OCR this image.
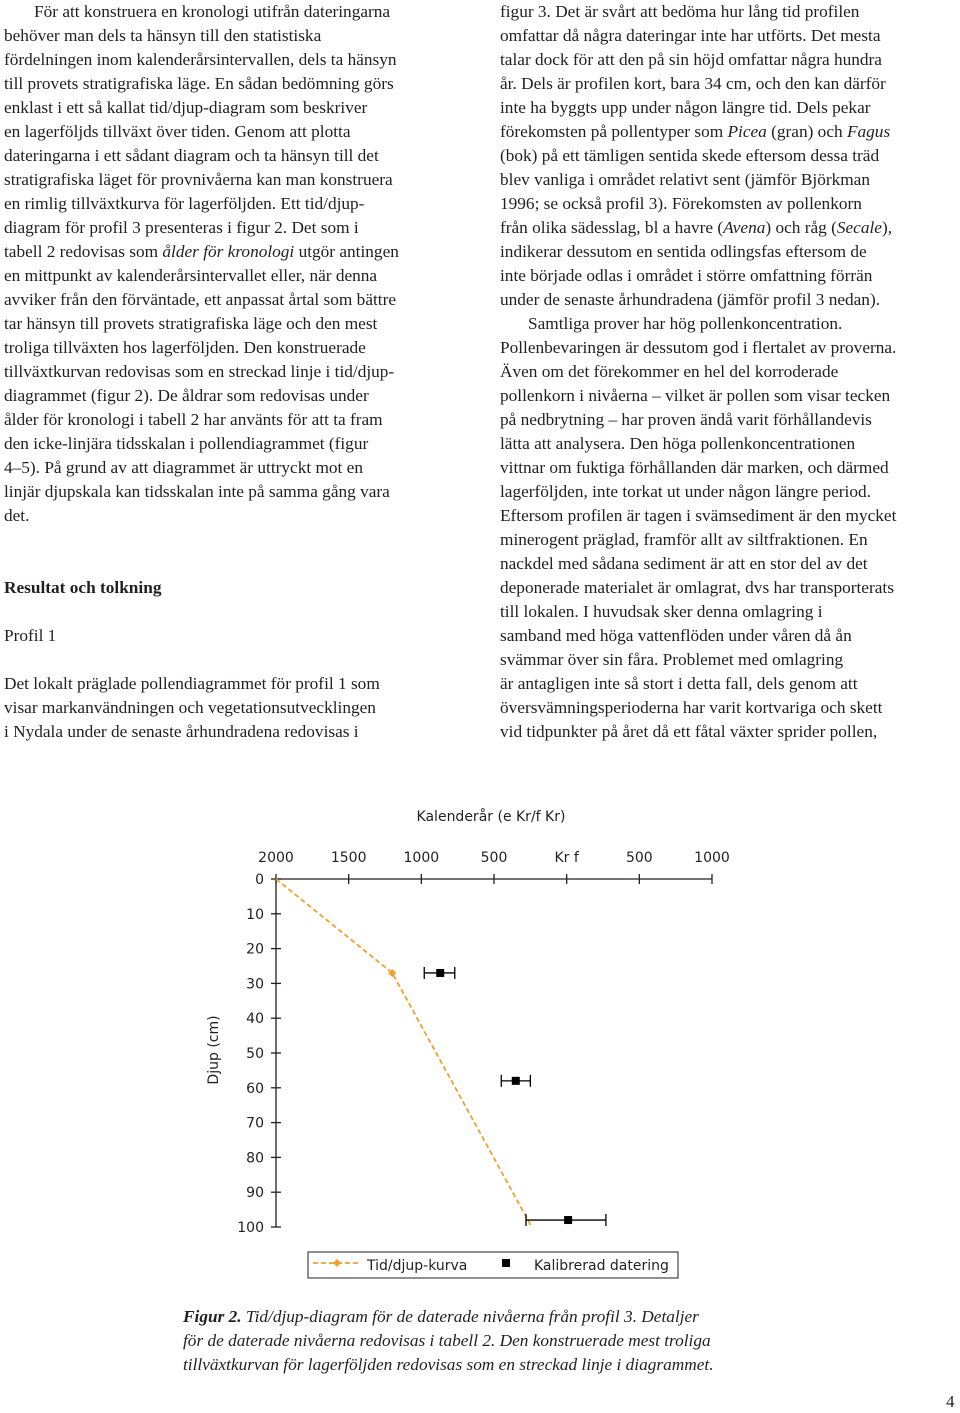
För att konstruera en kronologi utifrån dateringarna

behöver man dels ta hänsyn till den statistiska

fördelningen inom kalenderårsintervallen, dels ta hänsyn

till provets stratigrafiska läge. En sådan bedömning görs

enklast i ett så kallat tid/djup-diagram som beskriver

en lagerföljds tillväxt över tiden. Genom att plotta

dateringarna i ett sådant diagram och ta hänsyn till det

stratigrafiska läget för provnivåerna kan man konstruera

en rimlig tillväxtkurva för lagerföljden. Ett tid/djup-

diagram för profil 3 presenteras i figur 2. Det som i

tabell 2 redovisas som ålder för kronologi utgör antingen

en mittpunkt av kalenderårsintervallet eller, när denna

avviker från den förväntade, ett anpassat årtal som bättre

tar hänsyn till provets stratigrafiska läge och den mest

troliga tillväxten hos lagerföljden. Den konstruerade

tillväxtkurvan redovisas som en streckad linje i tid/djup-

diagrammet (figur 2). De åldrar som redovisas under

ålder för kronologi i tabell 2 har använts för att ta fram

den icke-linjära tidsskalan i pollendiagrammet (figur

4–5). På grund av att diagrammet är uttryckt mot en

linjär djupskala kan tidsskalan inte på samma gång vara

det.

Resultat och tolkning

Profil 1

Det lokalt präglade pollendiagrammet för profil 1 som

visar markanvändningen och vegetationsutvecklingen

i Nydala under de senaste århundradena redovisas i

figur 3. Det är svårt att bedöma hur lång tid profilen

omfattar då några dateringar inte har utförts. Det mesta

talar dock för att den på sin höjd omfattar några hundra

år. Dels är profilen kort, bara 34 cm, och den kan därför

inte ha byggts upp under någon längre tid. Dels pekar

förekomsten på pollentyper som Picea (gran) och Fagus

(bok) på ett tämligen sentida skede eftersom dessa träd

blev vanliga i området relativt sent (jämför Björkman

1996; se också profil 3). Förekomsten av pollenkorn

från olika sädesslag, bl a havre (Avena) och råg (Secale),

indikerar dessutom en sentida odlingsfas eftersom de

inte började odlas i området i större omfattning förrän

under de senaste århundradena (jämför profil 3 nedan).

Samtliga prover har hög pollenkoncentration.

Pollenbevaringen är dessutom god i flertalet av proverna.

Även om det förekommer en hel del korroderade

pollenkorn i nivåerna – vilket är pollen som visar tecken

på nedbrytning – har proven ändå varit förhållandevis

lätta att analysera. Den höga pollenkoncentrationen

vittnar om fuktiga förhållanden där marken, och därmed

lagerföljden, inte torkat ut under någon längre period.

Eftersom profilen är tagen i svämsediment är den mycket

minerogent präglad, framför allt av siltfraktionen. En

nackdel med sådana sediment är att en stor del av det

deponerade materialet är omlagrat, dvs har transporterats

till lokalen. I huvudsak sker denna omlagring i

samband med höga vattenflöden under våren då ån

svämmar över sin fåra. Problemet med omlagring

är antagligen inte så stort i detta fall, dels genom att

översvämningsperioderna har varit kortvariga och skett

vid tidpunkter på året då ett fåtal växter sprider pollen,

Kalenderår (e Kr/f Kr)
2000	1500	1000	500	Kr f	500	1000
0
10
20
30
40
50
60
70
80
90
100
Djup (cm)
Tid/djup-kurva	Kalibrerad datering
Figur 2. Tid/djup-diagram för de daterade nivåerna från profil 3. Detaljer
för de daterade nivåerna redovisas i tabell 2. Den konstruerade mest troliga
tillväxtkurvan för lagerföljden redovisas som en streckad linje i diagrammet.
4
